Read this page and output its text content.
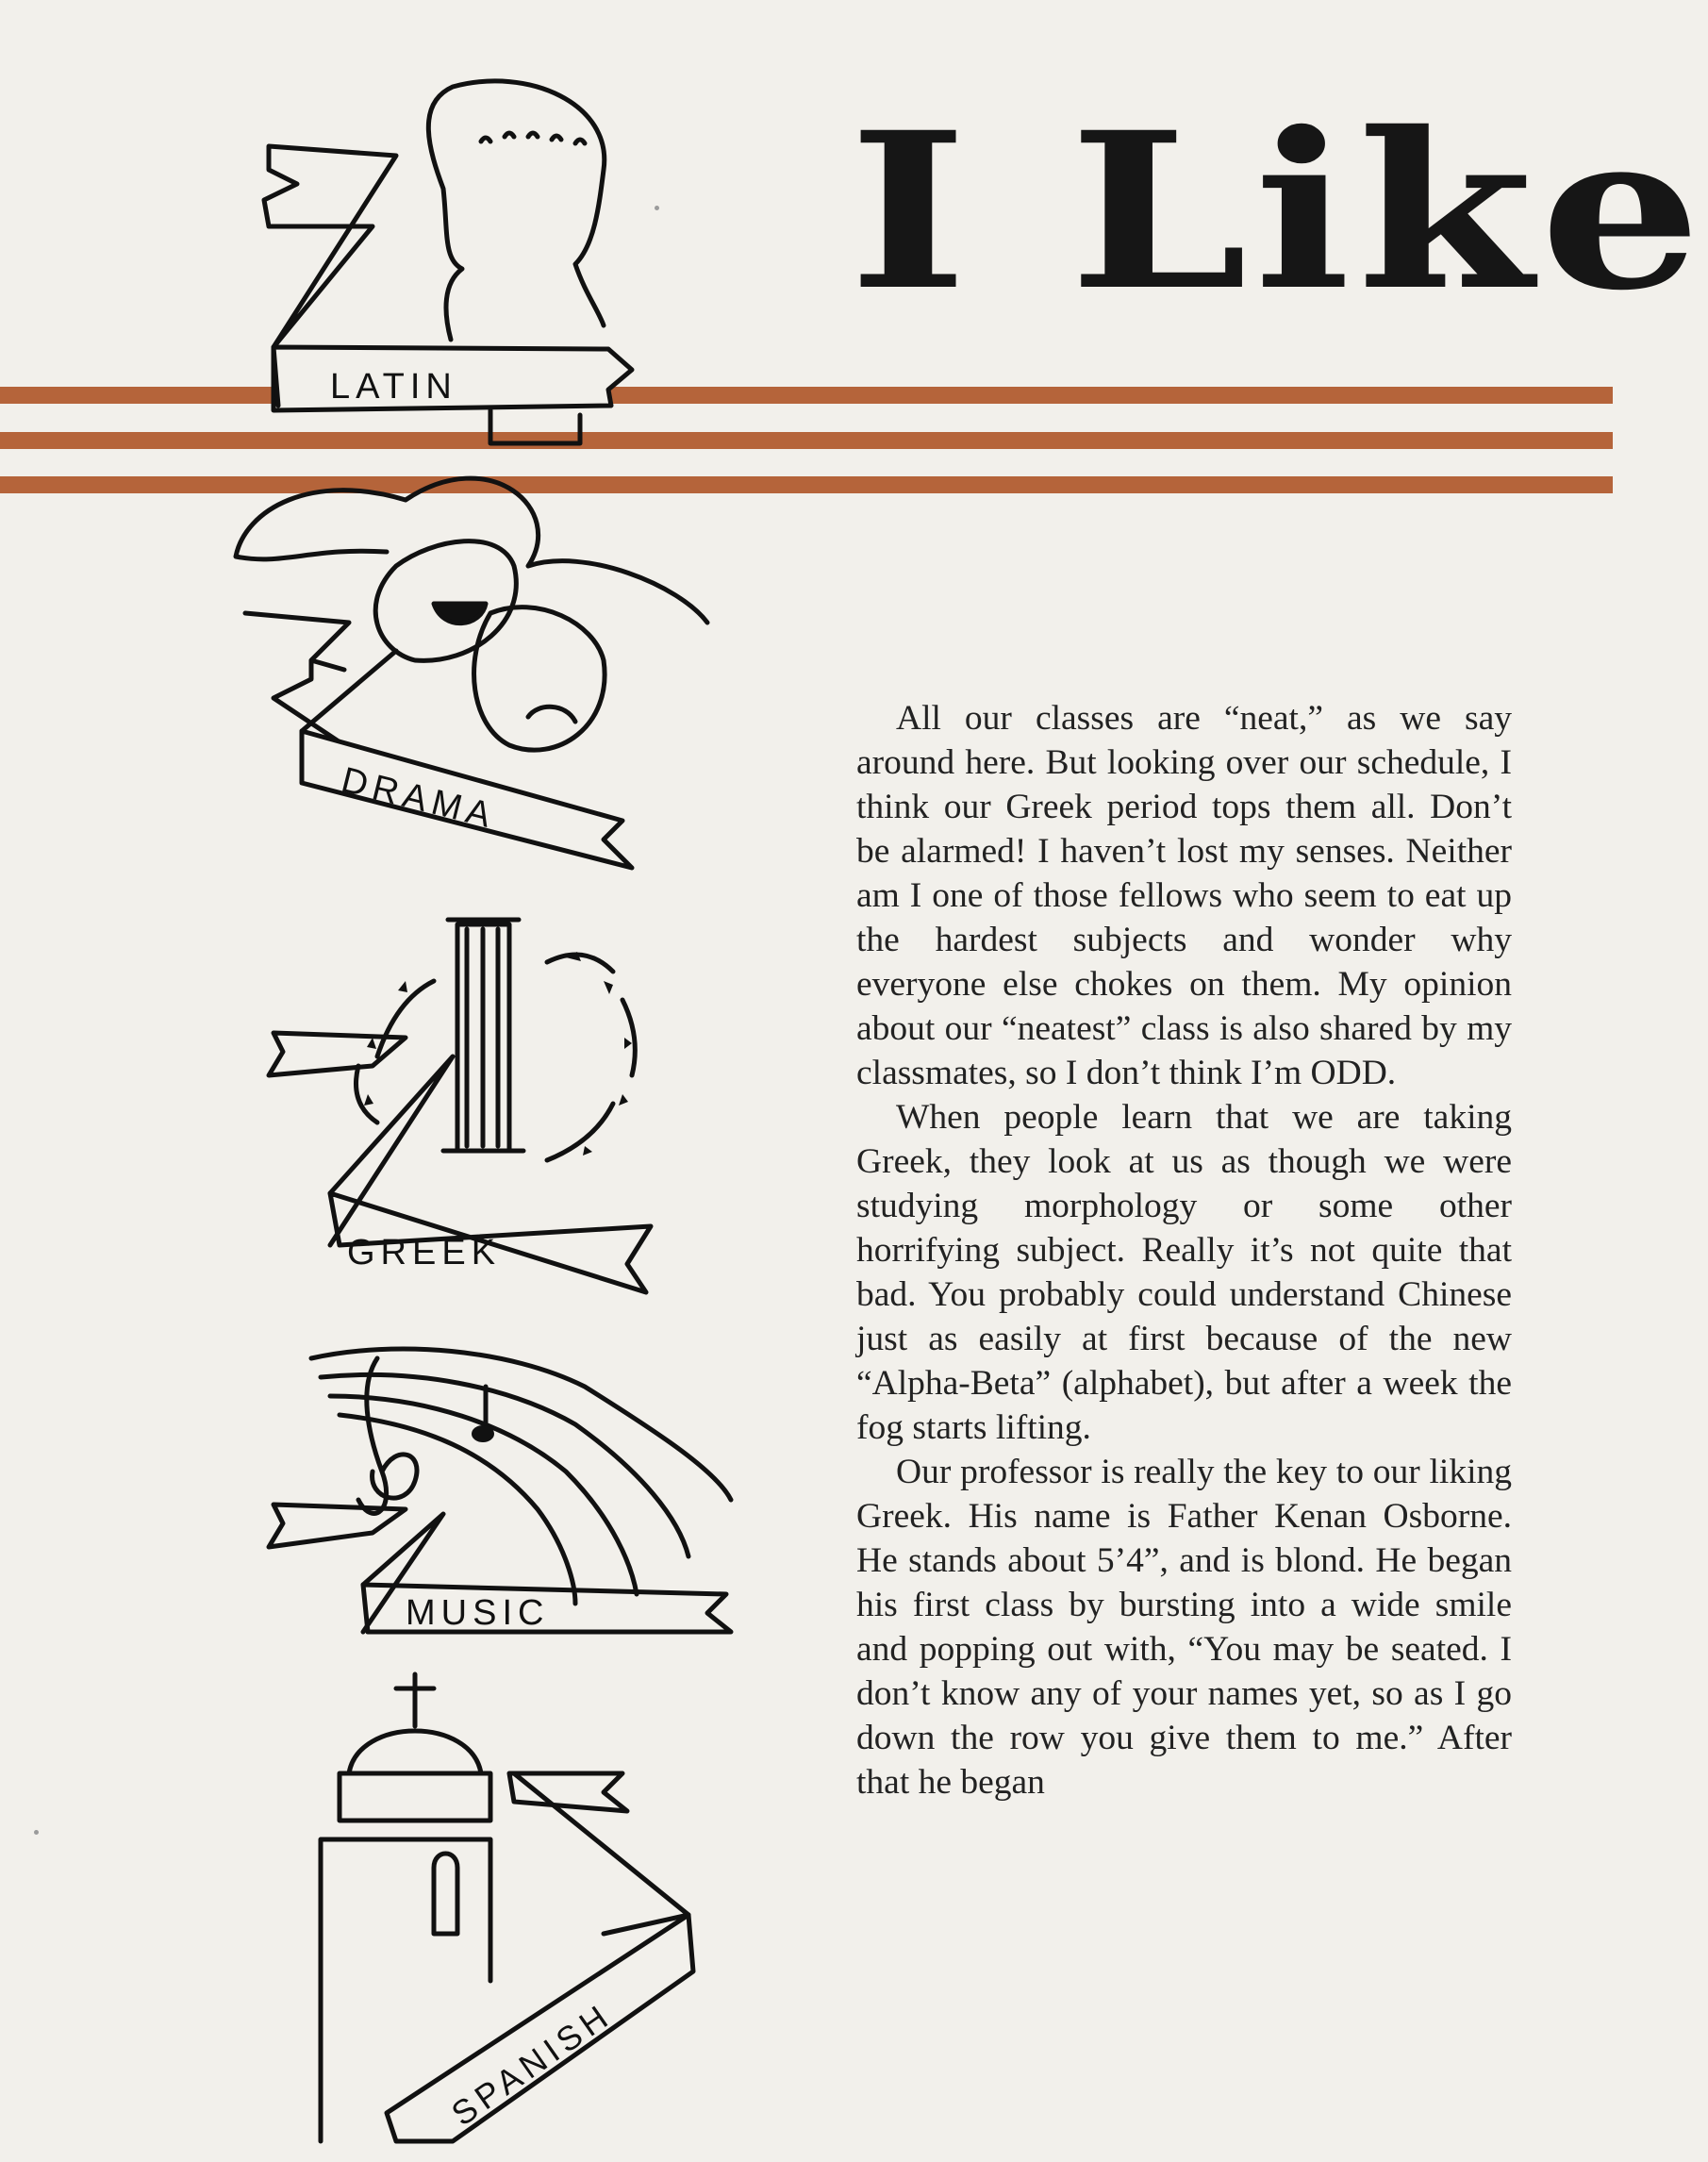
I Like
LATIN
DRAMA
GREEK
MUSIC
SPANISH

All our classes are “neat,” as we say around here. But looking over our schedule, I think our Greek period tops them all. Don’t be alarmed! I haven’t lost my senses. Neither am I one of those fellows who seem to eat up the hardest subjects and wonder why everyone else chokes on them. My opinion about our “neatest” class is also shared by my classmates, so I don’t think I’m ODD.

When people learn that we are taking Greek, they look at us as though we were studying morphology or some other horrifying subject. Really it’s not quite that bad. You probably could understand Chinese just as easily at first because of the new “Alpha-Beta” (alphabet), but after a week the fog starts lifting.

Our professor is really the key to our liking Greek. His name is Father Kenan Osborne. He stands about 5’4”, and is blond. He began his first class by bursting into a wide smile and popping out with, “You may be seated. I don’t know any of your names yet, so as I go down the row you give them to me.” After that he began
